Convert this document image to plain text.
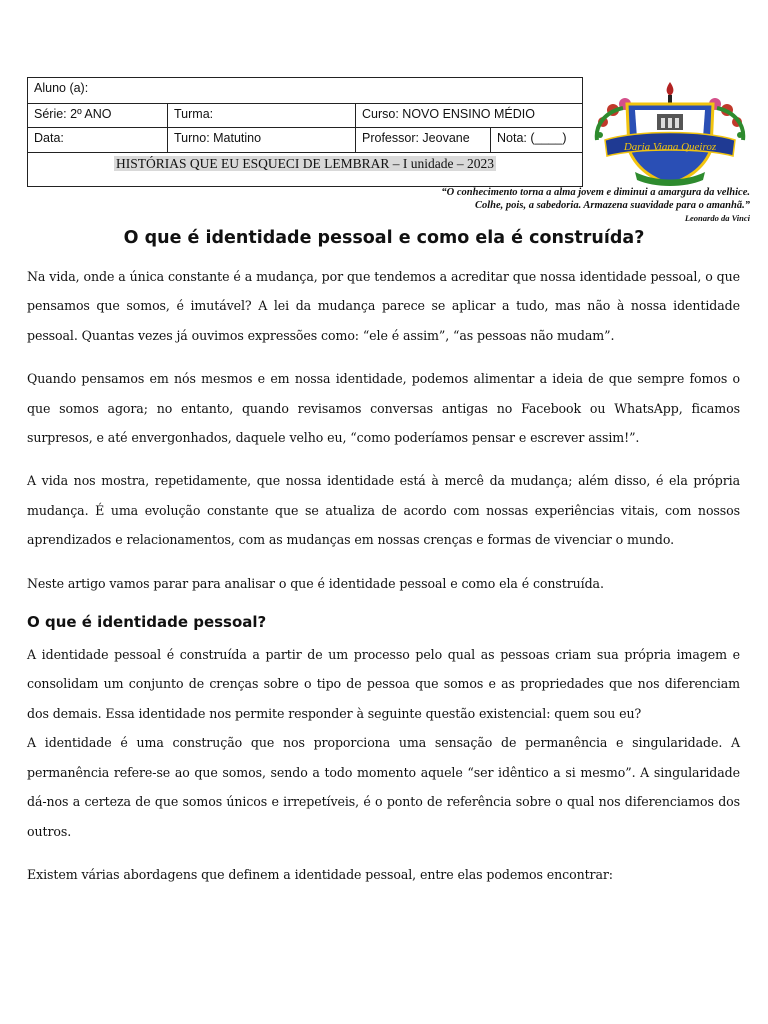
Aluno (a):
Série: 2º ANO	Turma:	Curso: NOVO ENSINO MÉDIO
Data:	Turno: Matutino	Professor: Jeovane	Nota: (____)
HISTÓRIAS QUE EU ESQUECI DE LEMBRAR – I unidade – 2023
Daria Viana Queiroz
“O conhecimento torna a alma jovem e diminui a amargura da velhice.
Colhe, pois, a sabedoria. Armazena suavidade para o amanhã.”
Leonardo da Vinci
O que é identidade pessoal e como ela é construída?

Na vida, onde a única constante é a mudança, por que tendemos a acreditar que nossa identidade pessoal, o que pensamos que somos, é imutável? A lei da mudança parece se aplicar a tudo, mas não à nossa identidade pessoal. Quantas vezes já ouvimos expressões como: “ele é assim”, “as pessoas não mudam”.

Quando pensamos em nós mesmos e em nossa identidade, podemos alimentar a ideia de que sempre fomos o que somos agora; no entanto, quando revisamos conversas antigas no Facebook ou WhatsApp, ficamos surpresos, e até envergonhados, daquele velho eu, “como poderíamos pensar e escrever assim!”.

A vida nos mostra, repetidamente, que nossa identidade está à mercê da mudança; além disso, é ela própria mudança. É uma evolução constante que se atualiza de acordo com nossas experiências vitais, com nossos aprendizados e relacionamentos, com as mudanças em nossas crenças e formas de vivenciar o mundo.

Neste artigo vamos parar para analisar o que é identidade pessoal e como ela é construída.

O que é identidade pessoal?

A identidade pessoal é construída a partir de um processo pelo qual as pessoas criam sua própria imagem e consolidam um conjunto de crenças sobre o tipo de pessoa que somos e as propriedades que nos diferenciam dos demais. Essa identidade nos permite responder à seguinte questão existencial: quem sou eu?

A identidade é uma construção que nos proporciona uma sensação de permanência e singularidade. A permanência refere-se ao que somos, sendo a todo momento aquele “ser idêntico a si mesmo”. A singularidade dá-nos a certeza de que somos únicos e irrepetíveis, é o ponto de referência sobre o qual nos diferenciamos dos outros.

Existem várias abordagens que definem a identidade pessoal, entre elas podemos encontrar:
